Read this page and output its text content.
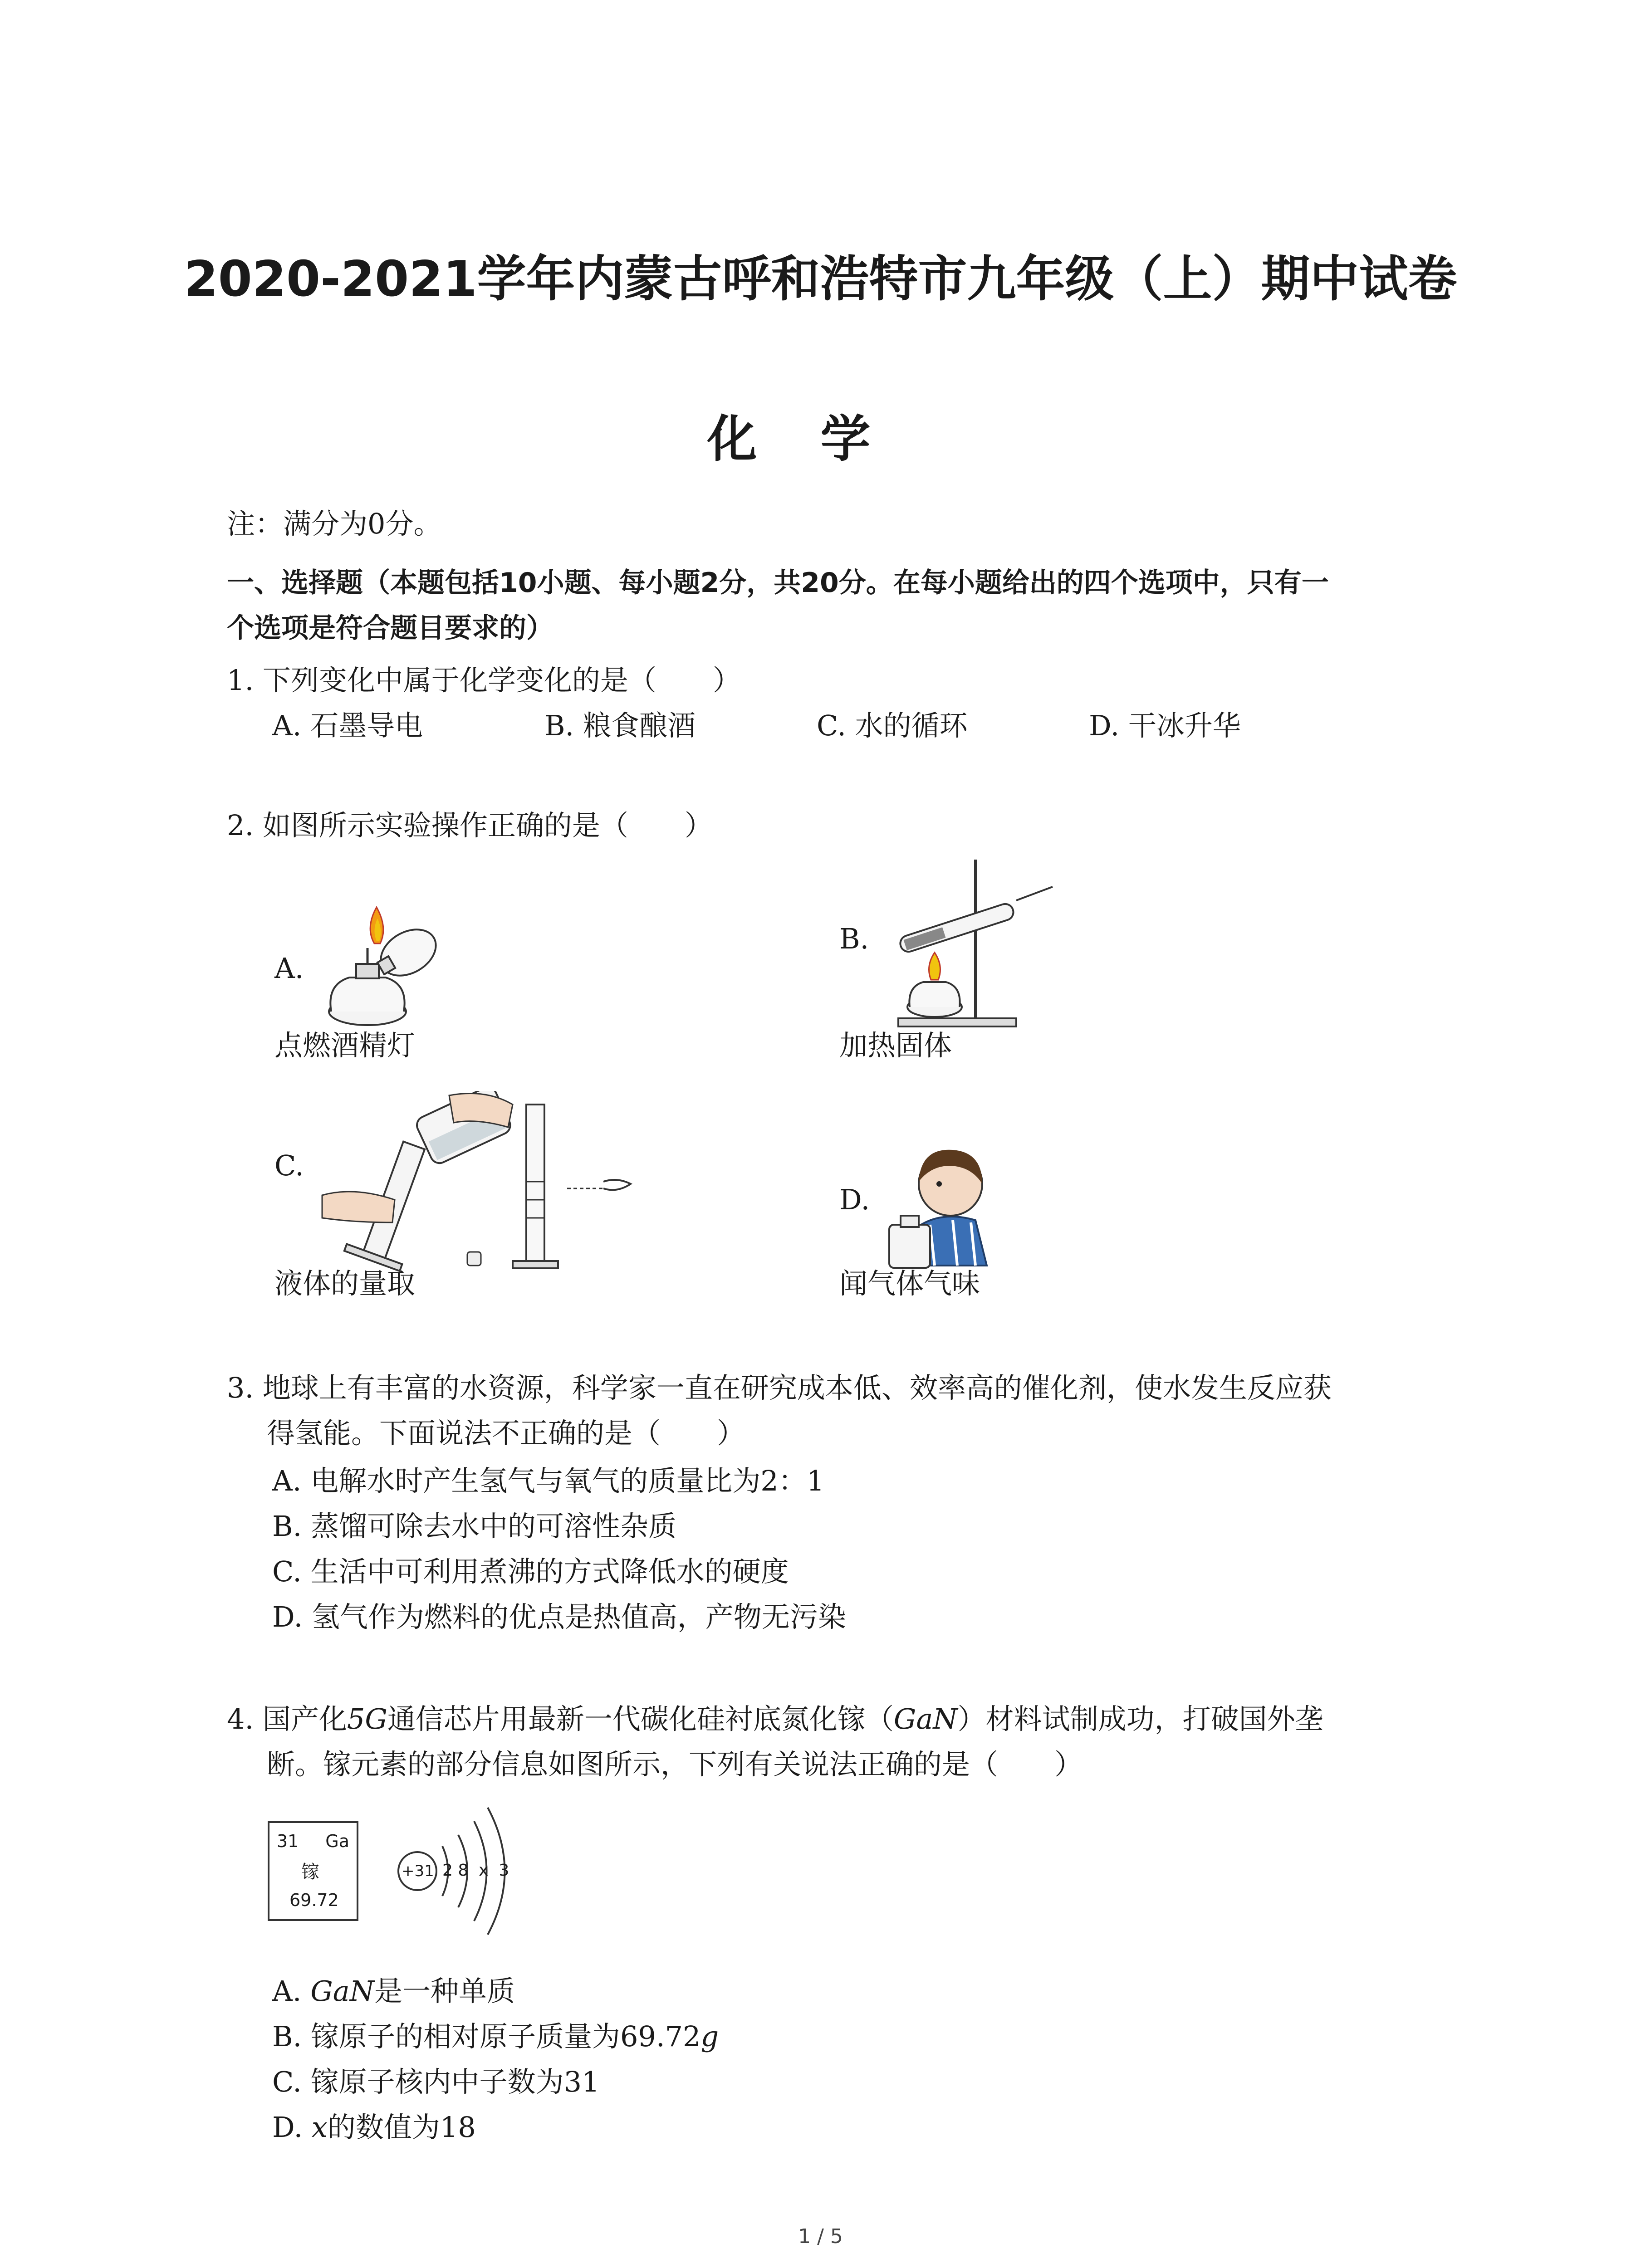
2020-2021学年内蒙古呼和浩特市九年级（上）期中试卷
化学
注：满分为0分。
一、选择题（本题包括10小题、每小题2分，共20分。在每小题给出的四个选项中，只有一
个选项是符合题目要求的）
1. 下列变化中属于化学变化的是（　　）
A. 石墨导电	B. 粮食酿酒	C. 水的循环	D. 干冰升华
2. 如图所示实验操作正确的是（　　）
A.
点燃酒精灯
B.
加热固体
C.
液体的量取
D.
闻气体气味
3. 地球上有丰富的水资源，科学家一直在研究成本低、效率高的催化剂，使水发生反应获
得氢能。下面说法不正确的是（　　）
A. 电解水时产生氢气与氧气的质量比为2：1
B. 蒸馏可除去水中的可溶性杂质
C. 生活中可利用煮沸的方式降低水的硬度
D. 氢气作为燃料的优点是热值高，产物无污染
4. 国产化5G通信芯片用最新一代碳化硅衬底氮化镓（GaN）材料试制成功，打破国外垄
断。镓元素的部分信息如图所示，下列有关说法正确的是（　　）
31 Ga
镓
69.72
+31 2 8  x  3
A. GaN是一种单质
B. 镓原子的相对原子质量为69.72g
C. 镓原子核内中子数为31
D. x的数值为18
1 / 5
